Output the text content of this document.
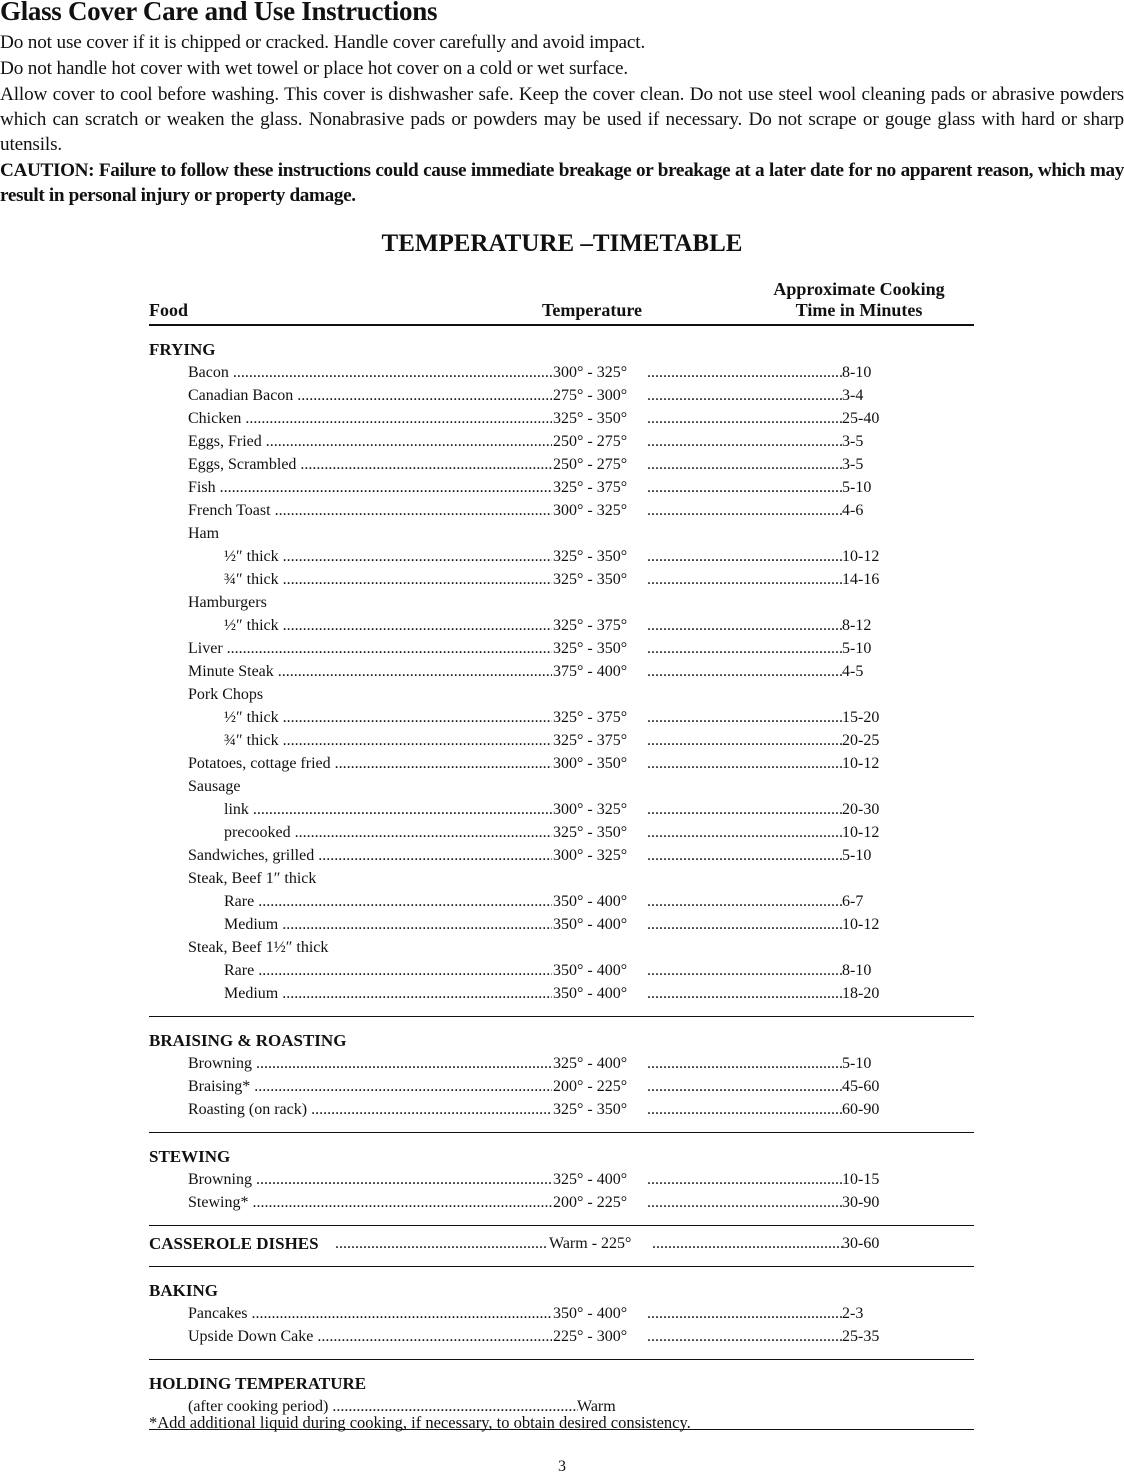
Glass Cover Care and Use Instructions

Do not use cover if it is chipped or cracked. Handle cover carefully and avoid impact.

Do not handle hot cover with wet towel or place hot cover on a cold or wet surface.

Allow cover to cool before washing. This cover is dishwasher safe. Keep the cover clean. Do not use steel wool cleaning pads or abrasive powders which can scratch or weaken the glass. Nonabrasive pads or powders may be used if necessary. Do not scrape or gouge glass with hard or sharp utensils.

CAUTION: Failure to follow these instructions could cause immediate breakage or breakage at a later date for no apparent reason, which may result in personal injury or property damage.

TEMPERATURE –TIMETABLE
Food	Temperature
Approximate Cooking
Time in Minutes
FRYING
Bacon .....	300° - 325° .....	8-10
Canadian Bacon .....	275° - 300° .....	3-4
Chicken .....	325° - 350° .....	25-40
Eggs, Fried .....	250° - 275° .....	3-5
Eggs, Scrambled .....	250° - 275° .....	3-5
Fish .....	325° - 375° .....	5-10
French Toast .....	300° - 325° .....	4-6
Ham
½″ thick .....	325° - 350° .....	10-12
¾″ thick .....	325° - 350° .....	14-16
Hamburgers
½″ thick .....	325° - 375° .....	8-12
Liver .....	325° - 350° .....	5-10
Minute Steak .....	375° - 400° .....	4-5
Pork Chops
½″ thick .....	325° - 375° .....	15-20
¾″ thick .....	325° - 375° .....	20-25
Potatoes, cottage fried .....	300° - 350° .....	10-12
Sausage
link .....	300° - 325° .....	20-30
precooked .....	325° - 350° .....	10-12
Sandwiches, grilled .....	300° - 325° .....	5-10
Steak, Beef 1″ thick
Rare .....	350° - 400° .....	6-7
Medium .....	350° - 400° .....	10-12
Steak, Beef 1½″ thick
Rare .....	350° - 400° .....	8-10
Medium .....	350° - 400° .....	18-20
BRAISING & ROASTING
Browning .....	325° - 400° .....	5-10
Braising* .....	200° - 225° .....	45-60
Roasting (on rack) .....	325° - 350° .....	60-90
STEWING
Browning .....	325° - 400° .....	10-15
Stewing* .....	200° - 225° .....	30-90
CASSEROLE DISHES .....	Warm - 225° .....	30-60
BAKING
Pancakes .....	350° - 400° .....	2-3
Upside Down Cake .....	225° - 300° .....	25-35
HOLDING TEMPERATURE
(after cooking period) .....	Warm

*Add additional liquid during cooking, if necessary, to obtain desired consistency.

3
